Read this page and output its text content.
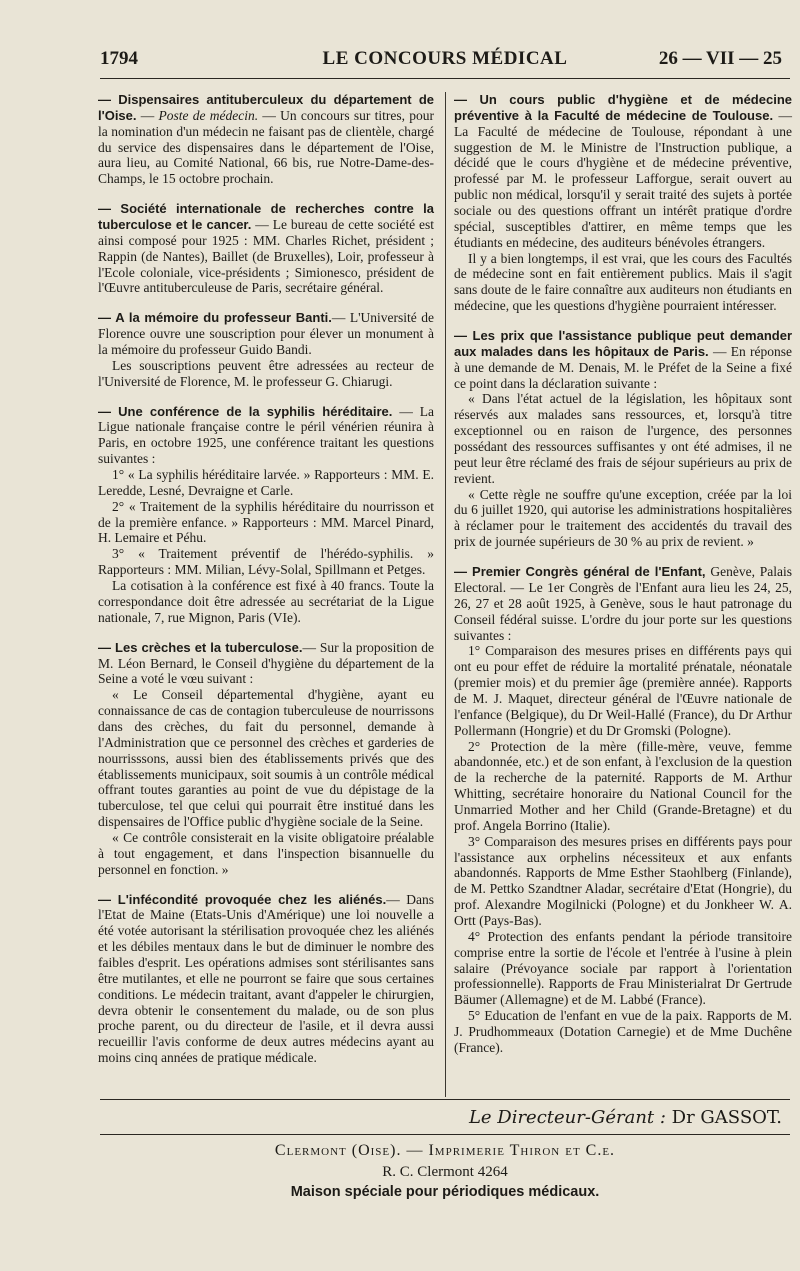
1794	LE CONCOURS MÉDICAL	26 — VII — 25

— Dispensaires antituberculeux du département de l'Oise. — Poste de médecin. — Un concours sur titres, pour la nomination d'un médecin ne faisant pas de clientèle, chargé du service des dispensaires dans le département de l'Oise, aura lieu, au Comité National, 66 bis, rue Notre-Dame-des-Champs, le 15 octobre prochain.

— Société internationale de recherches contre la tuberculose et le cancer. — Le bureau de cette société est ainsi composé pour 1925 : MM. Charles Richet, président ; Rappin (de Nantes), Baillet (de Bruxelles), Loir, professeur à l'Ecole coloniale, vice-présidents ; Simionesco, président de l'Œuvre antituberculeuse de Paris, secrétaire général.

— A la mémoire du professeur Banti.— L'Université de Florence ouvre une souscription pour élever un monument à la mémoire du professeur Guido Bandi.

Les souscriptions peuvent être adressées au recteur de l'Université de Florence, M. le professeur G. Chiarugi.

— Une conférence de la syphilis héréditaire. — La Ligue nationale française contre le péril vénérien réunira à Paris, en octobre 1925, une conférence traitant les questions suivantes :

1° « La syphilis héréditaire larvée. » Rapporteurs : MM. E. Leredde, Lesné, Devraigne et Carle.

2° « Traitement de la syphilis héréditaire du nourrisson et de la première enfance. » Rapporteurs : MM. Marcel Pinard, H. Lemaire et Péhu.

3° « Traitement préventif de l'hérédo-syphilis. » Rapporteurs : MM. Milian, Lévy-Solal, Spillmann et Petges.

La cotisation à la conférence est fixé à 40 francs. Toute la correspondance doit être adressée au secrétariat de la Ligue nationale, 7, rue Mignon, Paris (VIe).

— Les crèches et la tuberculose.— Sur la proposition de M. Léon Bernard, le Conseil d'hygiène du département de la Seine a voté le vœu suivant :

« Le Conseil départemental d'hygiène, ayant eu connaissance de cas de contagion tuberculeuse de nourrissons dans des crèches, du fait du personnel, demande à l'Administration que ce personnel des crèches et garderies de nourrisssons, aussi bien des établissements privés que des établissements municipaux, soit soumis à un contrôle médical offrant toutes garanties au point de vue du dépistage de la tuberculose, tel que celui qui pourrait être institué dans les dispensaires de l'Office public d'hygiène sociale de la Seine.

« Ce contrôle consisterait en la visite obligatoire préalable à tout engagement, et dans l'inspection bisannuelle du personnel en fonction. »

— L'infécondité provoquée chez les aliénés.— Dans l'Etat de Maine (Etats-Unis d'Amérique) une loi nouvelle a été votée autorisant la stérilisation provoquée chez les aliénés et les débiles mentaux dans le but de diminuer le nombre des faibles d'esprit. Les opérations admises sont stérilisantes sans être mutilantes, et elle ne pourront se faire que sous certaines conditions. Le médecin traitant, avant d'appeler le chirurgien, devra obtenir le consentement du malade, ou de son plus proche parent, ou du directeur de l'asile, et il devra aussi recueillir l'avis conforme de deux autres médecins ayant au moins cinq années de pratique médicale.

— Un cours public d'hygiène et de médecine préventive à la Faculté de médecine de Toulouse. — La Faculté de médecine de Toulouse, répondant à une suggestion de M. le Ministre de l'Instruction publique, a décidé que le cours d'hygiène et de médecine préventive, professé par M. le professeur Lafforgue, serait ouvert au public non médical, lorsqu'il y serait traité des sujets à portée sociale ou des questions offrant un intérêt pratique d'ordre spécial, susceptibles d'attirer, en même temps que les étudiants en médecine, des auditeurs bénévoles étrangers.

Il y a bien longtemps, il est vrai, que les cours des Facultés de médecine sont en fait entièrement publics. Mais il s'agit sans doute de le faire connaître aux auditeurs non étudiants en médecine, que les questions d'hygiène pourraient intéresser.

— Les prix que l'assistance publique peut demander aux malades dans les hôpitaux de Paris. — En réponse à une demande de M. Denais, M. le Préfet de la Seine a fixé ce point dans la déclaration suivante :

« Dans l'état actuel de la législation, les hôpitaux sont réservés aux malades sans ressources, et, lorsqu'à titre exceptionnel ou en raison de l'urgence, des personnes possédant des ressources suffisantes y ont été admises, il ne peut leur être réclamé des frais de séjour supérieurs au prix de revient.

« Cette règle ne souffre qu'une exception, créée par la loi du 6 juillet 1920, qui autorise les administrations hospitalières à réclamer pour le traitement des accidentés du travail des prix de journée supérieurs de 30 % au prix de revient. »

— Premier Congrès général de l'Enfant, Genève, Palais Electoral. — Le 1er Congrès de l'Enfant aura lieu les 24, 25, 26, 27 et 28 août 1925, à Genève, sous le haut patronage du Conseil fédéral suisse. L'ordre du jour porte sur les questions suivantes :

1° Comparaison des mesures prises en différents pays qui ont eu pour effet de réduire la mortalité prénatale, néonatale (premier mois) et du premier âge (première année). Rapports de M. J. Maquet, directeur général de l'Œuvre nationale de l'enfance (Belgique), du Dr Weil-Hallé (France), du Dr Arthur Pollermann (Hongrie) et du Dr Gromski (Pologne).

2° Protection de la mère (fille-mère, veuve, femme abandonnée, etc.) et de son enfant, à l'exclusion de la question de la recherche de la paternité. Rapports de M. Arthur Whitting, secrétaire honoraire du National Council for the Unmarried Mother and her Child (Grande-Bretagne) et du prof. Angela Borrino (Italie).

3° Comparaison des mesures prises en différents pays pour l'assistance aux orphelins nécessiteux et aux enfants abandonnés. Rapports de Mme Esther Staohlberg (Finlande), de M. Pettko Szandtner Aladar, secrétaire d'Etat (Hongrie), du prof. Alexandre Mogilnicki (Pologne) et du Jonkheer W. A. Ortt (Pays-Bas).

4° Protection des enfants pendant la période transitoire comprise entre la sortie de l'école et l'entrée à l'usine à plein salaire (Prévoyance sociale par rapport à l'orientation professionnelle). Rapports de Frau Ministerialrat Dr Gertrude Bäumer (Allemagne) et de M. Labbé (France).

5° Education de l'enfant en vue de la paix. Rapports de M. J. Prudhommeaux (Dotation Carnegie) et de Mme Duchêne (France).

Le Directeur-Gérant : Dr GASSOT.
Clermont (Oise). — Imprimerie Thiron et C.e.
R. C. Clermont 4264
Maison spéciale pour périodiques médicaux.
